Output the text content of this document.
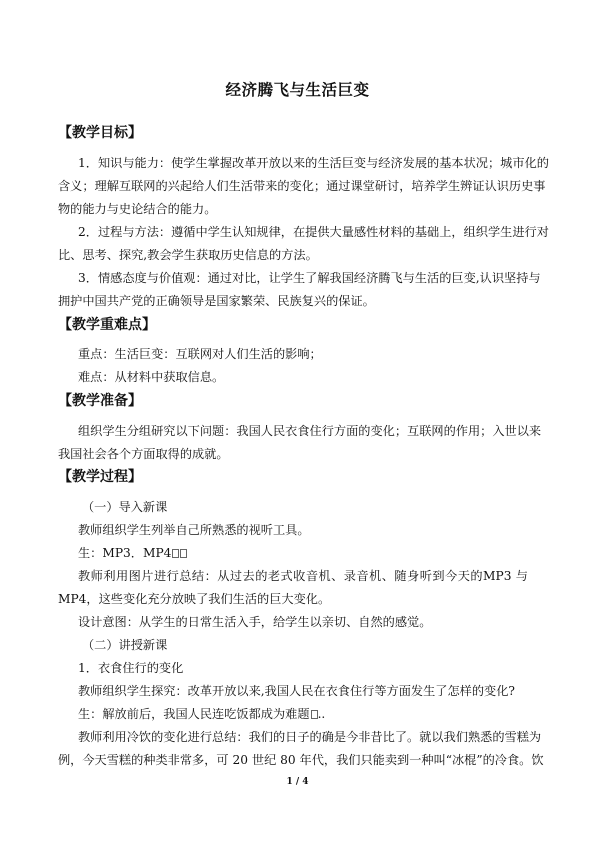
经济腾飞与生活巨变
【教学目标】
1．知识与能力：使学生掌握改革开放以来的生活巨变与经济发展的基本状况；城市化的
含义；理解互联网的兴起给人们生活带来的变化；通过课堂研讨，培养学生辨证认识历史事
物的能力与史论结合的能力。
2．过程与方法：遵循中学生认知规律，在提供大量感性材料的基础上，组织学生进行对
比、思考、探究,教会学生获取历史信息的方法。
3．情感态度与价值观：通过对比，让学生了解我国经济腾飞与生活的巨变,认识坚持与
拥护中国共产党的正确领导是国家繁荣、民族复兴的保证。
【教学重难点】
重点：生活巨变：互联网对人们生活的影响；
难点：从材料中获取信息。
【教学准备】
组织学生分组研究以下问题：我国人民衣食住行方面的变化；互联网的作用；入世以来
我国社会各个方面取得的成就。
【教学过程】
（一）导入新课
教师组织学生列举自己所熟悉的视听工具。
生：MP3．MP4
教师利用图片进行总结：从过去的老式收音机、录音机、随身听到今天的MP3 与
MP4，这些变化充分放映了我们生活的巨大变化。
设计意图：从学生的日常生活入手，给学生以亲切、自然的感觉。
（二）讲授新课
1．衣食住行的变化
教师组织学生探究：改革开放以来,我国人民在衣食住行等方面发生了怎样的变化?
生：解放前后，我国人民连吃饭都成为难题 ..
教师利用冷饮的变化进行总结：我们的日子的确是今非昔比了。就以我们熟悉的雪糕为
例，今天雪糕的种类非常多，可 20 世纪 80 年代，我们只能卖到一种叫“冰棍”的冷食。饮
1 / 4
